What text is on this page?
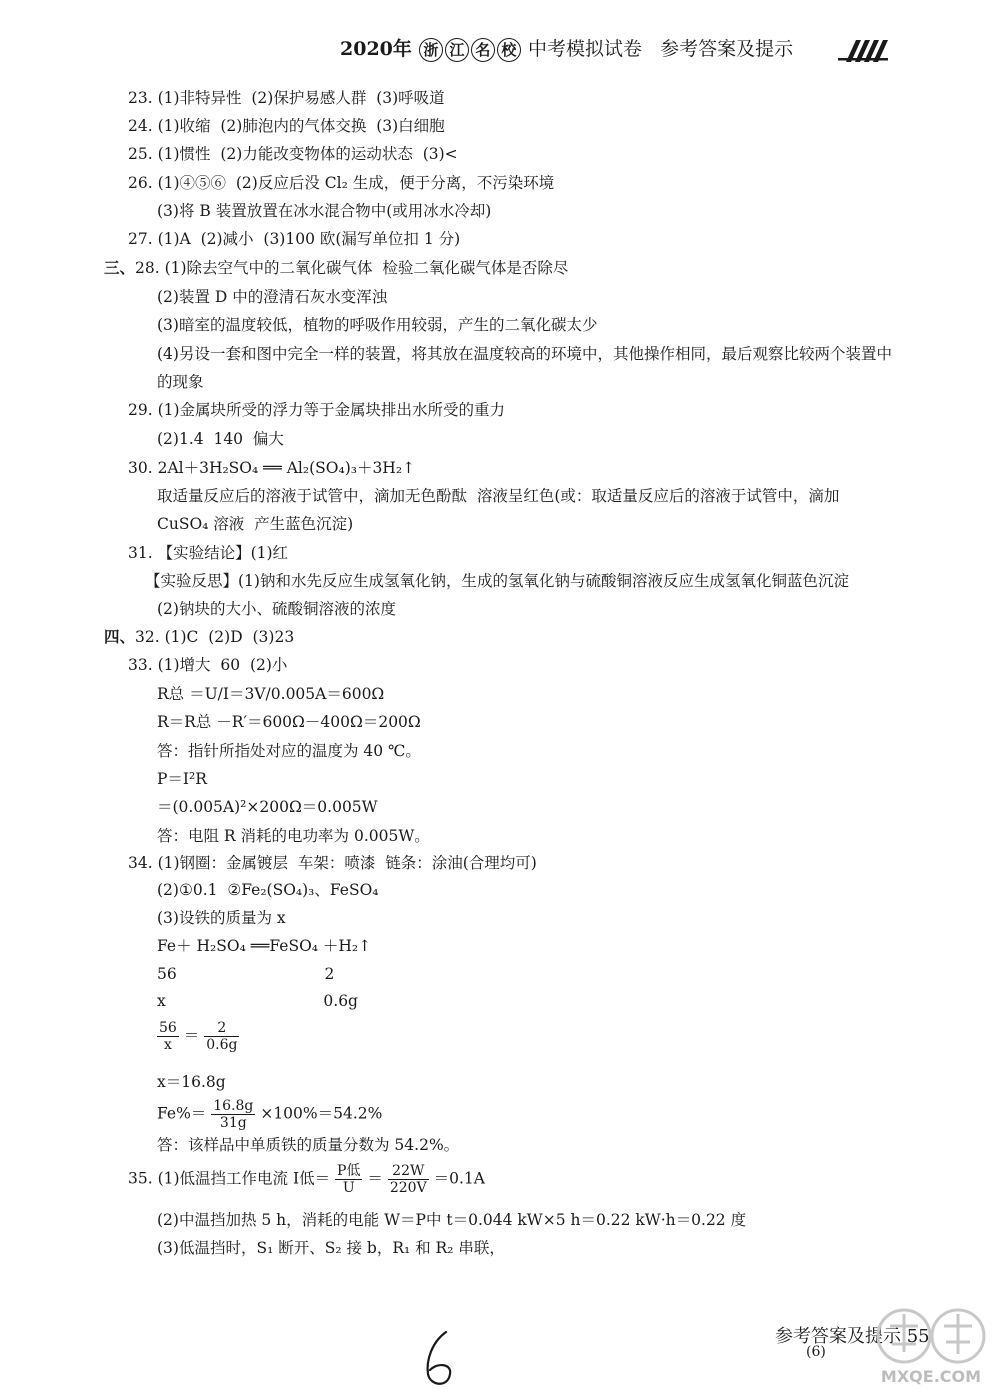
2020年 浙 江 名 校 中考模拟试卷 参考答案及提示
23. (1)非特异性  (2)保护易感人群  (3)呼吸道
24. (1)收缩  (2)肺泡内的气体交换  (3)白细胞
25. (1)惯性  (2)力能改变物体的运动状态  (3)<
26. (1)④⑤⑥  (2)反应后没 Cl₂ 生成，便于分离，不污染环境
(3)将 B 装置放置在冰水混合物中(或用冰水冷却)
27. (1)A  (2)减小  (3)100 欧(漏写单位扣 1 分)
三、28. (1)除去空气中的二氧化碳气体  检验二氧化碳气体是否除尽
(2)装置 D 中的澄清石灰水变浑浊
(3)暗室的温度较低，植物的呼吸作用较弱，产生的二氧化碳太少
(4)另设一套和图中完全一样的装置，将其放在温度较高的环境中，其他操作相同，最后观察比较两个装置中
的现象
29. (1)金属块所受的浮力等于金属块排出水所受的重力
(2)1.4  140  偏大
30. 2Al＋3H₂SO₄ ══ Al₂(SO₄)₃＋3H₂↑
取适量反应后的溶液于试管中，滴加无色酚酞  溶液呈红色(或：取适量反应后的溶液于试管中，滴加
CuSO₄ 溶液  产生蓝色沉淀)
31. 【实验结论】(1)红
【实验反思】(1)钠和水先反应生成氢氧化钠，生成的氢氧化钠与硫酸铜溶液反应生成氢氧化铜蓝色沉淀
(2)钠块的大小、硫酸铜溶液的浓度
四、32. (1)C  (2)D  (3)23
33. (1)增大  60  (2)小
R总 ＝U/I＝3V/0.005A＝600Ω
R＝R总 －R′＝600Ω－400Ω＝200Ω
答：指针所指处对应的温度为 40 ℃。
P＝I²R
＝(0.005A)²×200Ω＝0.005W
答：电阻 R 消耗的电功率为 0.005W。
34. (1)钢圈：金属镀层  车架：喷漆  链条：涂油(合理均可)
(2)①0.1  ②Fe₂(SO₄)₃、FeSO₄
(3)设铁的质量为 x
Fe＋ H₂SO₄ ══FeSO₄ ＋H₂↑
56                              2
x                                0.6g
$\frac{56}{x} = \frac{2}{0.6g}$
x＝16.8g
$Fe\%= \frac{16.8g}{31g} \times 100\%=54.2\%$
答：该样品中单质铁的质量分数为 54.2%。
35. (1)低温挡工作电流 I低＝ $\frac{\text{P低}}{U} = \frac{22W}{220V} =0.1A$
(2)中温挡加热 5 h，消耗的电能 W＝P中 t＝0.044 kW×5 h＝0.22 kW·h＝0.22 度
(3)低温挡时，S₁ 断开、S₂ 接 b，R₁ 和 R₂ 串联，
参考答案及提示 55
(6)
MXQE.COM
